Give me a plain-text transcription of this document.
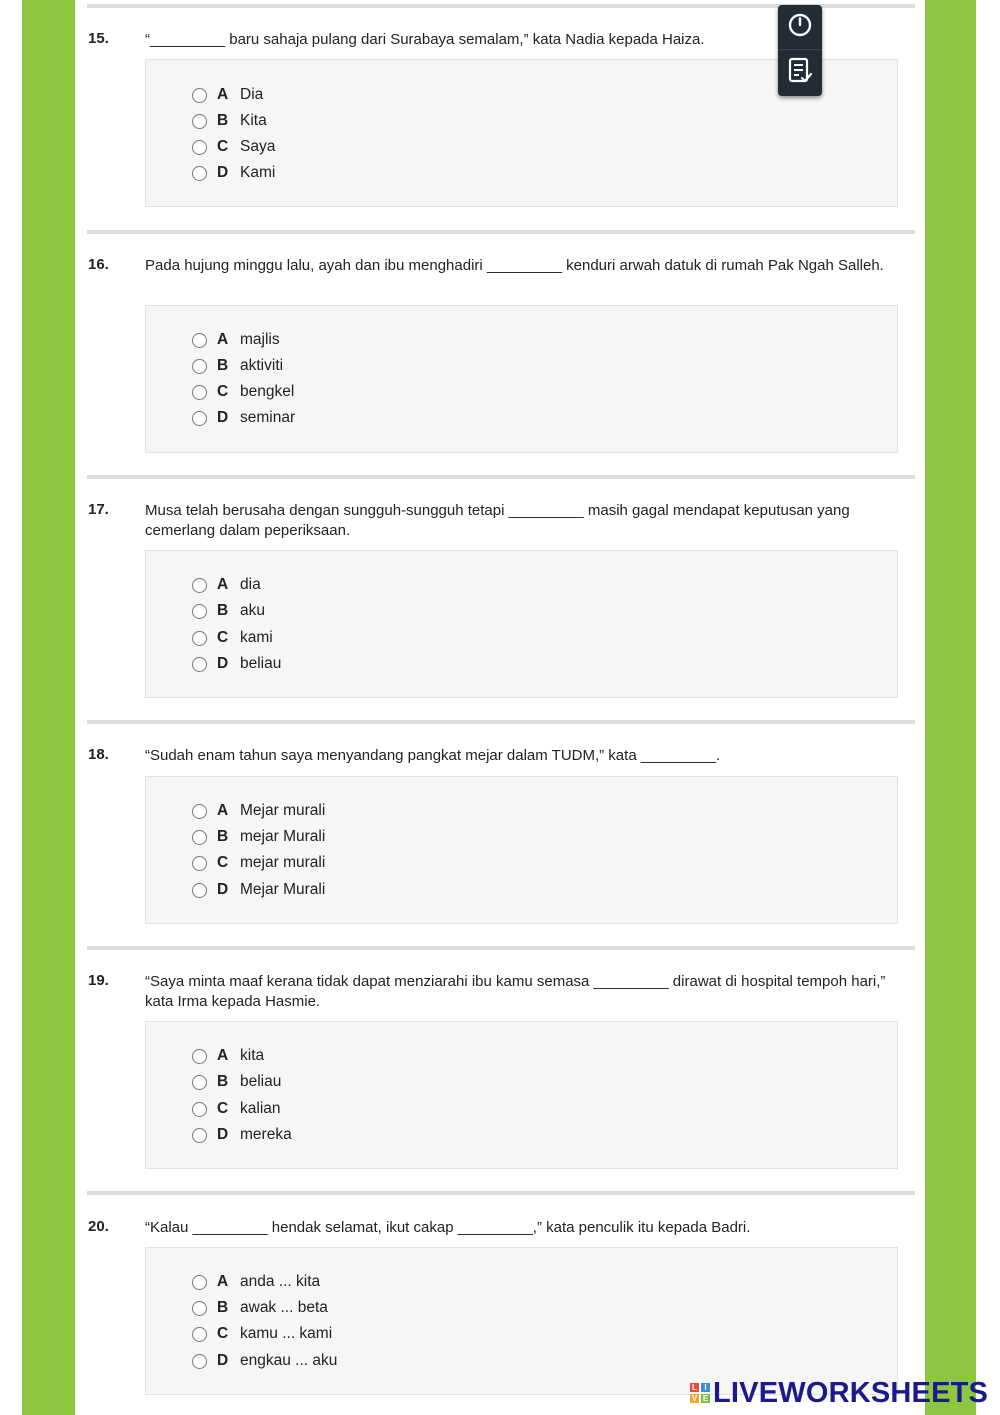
15. “_________ baru sahaja pulang dari Surabaya semalam,” kata Nadia kepada Haiza.
A Dia
B Kita
C Saya
D Kami
16. Pada hujung minggu lalu, ayah dan ibu menghadiri _________ kenduri arwah datuk di rumah Pak Ngah Salleh.
A majlis
B aktiviti
C bengkel
D seminar
17. Musa telah berusaha dengan sungguh-sungguh tetapi _________ masih gagal mendapat keputusan yang cemerlang dalam peperiksaan.
A dia
B aku
C kami
D beliau
18. “Sudah enam tahun saya menyandang pangkat mejar dalam TUDM,” kata _________.
A Mejar murali
B mejar Murali
C mejar murali
D Mejar Murali
19. “Saya minta maaf kerana tidak dapat menziarahi ibu kamu semasa _________ dirawat di hospital tempoh hari,” kata Irma kepada Hasmie.
A kita
B beliau
C kalian
D mereka
20. “Kalau _________ hendak selamat, ikut cakap _________,” kata penculik itu kepada Badri.
A anda ... kita
B awak ... beta
C kamu ... kami
D engkau ... aku
L I
V E LIVEWORKSHEETS
